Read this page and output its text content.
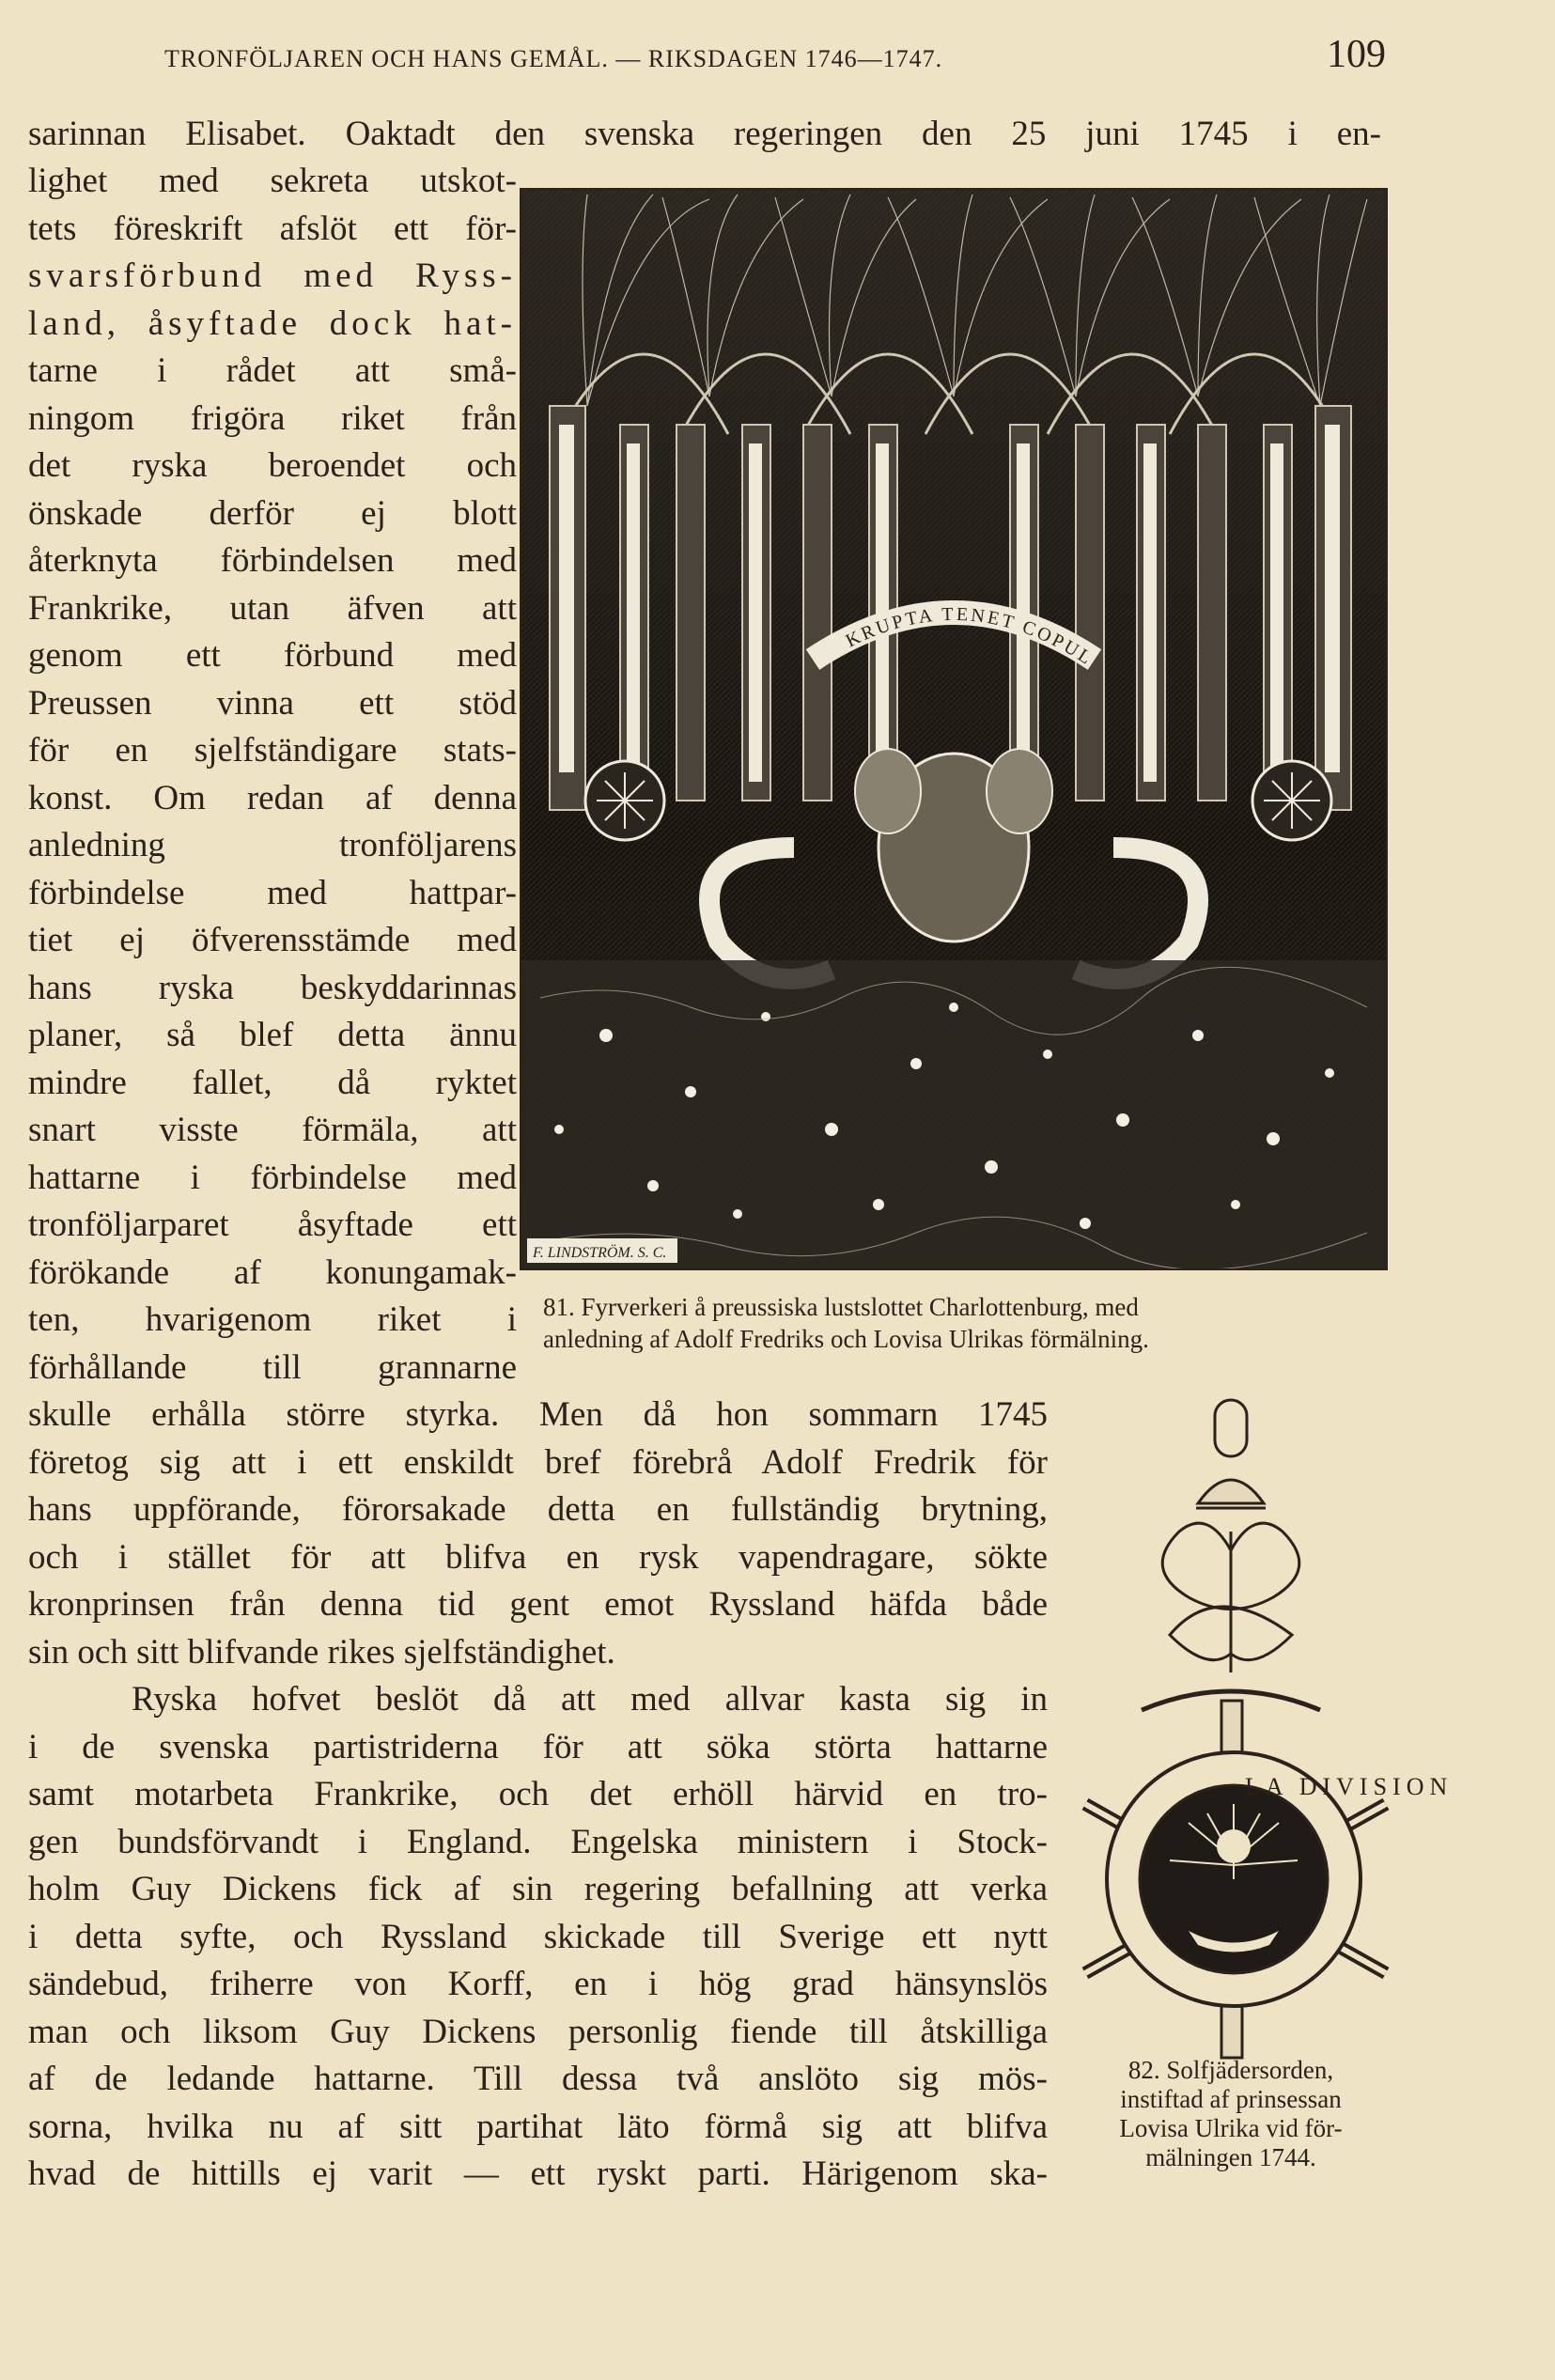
TRONFÖLJAREN OCH HANS GEMÅL. — RIKSDAGEN 1746—1747.	109
sarinnan Elisabet. Oaktadt den svenska regeringen den 25 juni 1745 i en-
lighet med sekreta utskot-
tets föreskrift afslöt ett för-
svarsförbund med Ryss-
land, åsyftade dock hat-
tarne i rådet att små-
ningom frigöra riket från
det ryska beroendet och
önskade derför ej blott
återknyta förbindelsen med
Frankrike, utan äfven att
genom ett förbund med
Preussen vinna ett stöd
för en sjelfständigare stats-
konst. Om redan af denna
anledning tronföljarens
förbindelse med hattpar-
tiet ej öfverensstämde med
hans ryska beskyddarinnas
planer, så blef detta ännu
mindre fallet, då ryktet
snart visste förmäla, att
hattarne i förbindelse med
tronföljarparet åsyftade ett
förökande af konungamak-
ten, hvarigenom riket i
förhållande till grannarne
skulle erhålla större styrka. Men då hon sommarn 1745
företog sig att i ett enskildt bref förebrå Adolf Fredrik för
hans uppförande, förorsakade detta en fullständig brytning,
och i stället för att blifva en rysk vapendragare, sökte
kronprinsen från denna tid gent emot Ryssland häfda både
sin och sitt blifvande rikes sjelfständighet.
Ryska hofvet beslöt då att med allvar kasta sig in
i de svenska partistriderna för att söka störta hattarne
samt motarbeta Frankrike, och det erhöll härvid en tro-
gen bundsförvandt i England. Engelska ministern i Stock-
holm Guy Dickens fick af sin regering befallning att verka
i detta syfte, och Ryssland skickade till Sverige ett nytt
sändebud, friherre von Korff, en i hög grad hänsynslös
man och liksom Guy Dickens personlig fiende till åtskilliga
af de ledande hattarne. Till dessa två anslöto sig mös-
sorna, hvilka nu af sitt partihat läto förmå sig att blifva
hvad de hittills ej varit — ett ryskt parti. Härigenom ska-
KRUPTA TENET COPUL
F. LINDSTRÖM. S. C.
81. Fyrverkeri å preussiska lustslottet Charlottenburg, med
anledning af Adolf Fredriks och Lovisa Ulrikas förmälning.
LA DIVISION
82. Solfjädersorden,
instiftad af prinsessan
Lovisa Ulrika vid för-
mälningen 1744.
